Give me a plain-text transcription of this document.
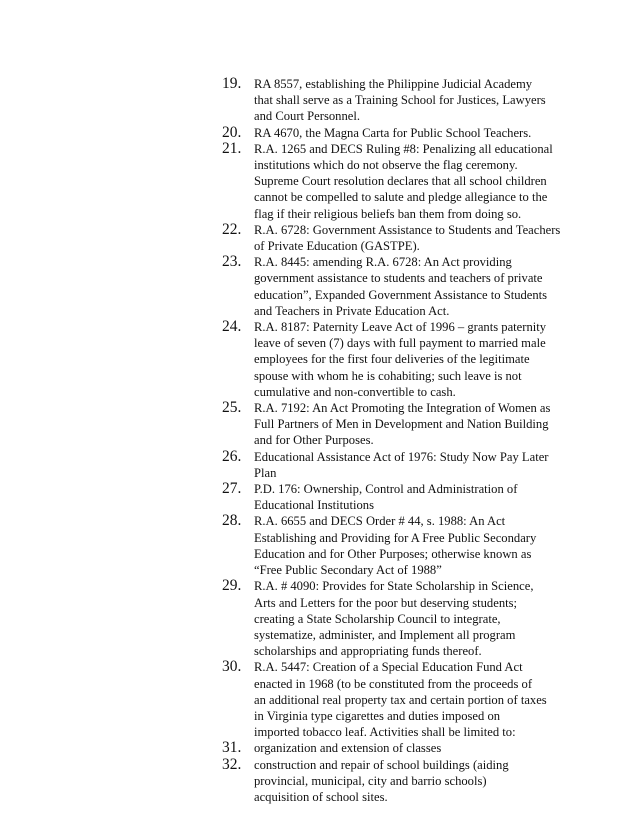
19.	RA 8557, establishing the Philippine Judicial Academy
that shall serve as a Training School for Justices, Lawyers
and Court Personnel.
20.	RA 4670, the Magna Carta for Public School Teachers.
21.	R.A. 1265 and DECS Ruling #8: Penalizing all educational
institutions which do not observe the flag ceremony.
Supreme Court resolution declares that all school children
cannot be compelled to salute and pledge allegiance to the
flag if their religious beliefs ban them from doing so.
22.	R.A. 6728: Government Assistance to Students and Teachers
of Private Education (GASTPE).
23.	R.A. 8445: amending R.A. 6728: An Act providing
government assistance to students and teachers of private
education”, Expanded Government Assistance to Students
and Teachers in Private Education Act.
24.	R.A. 8187: Paternity Leave Act of 1996 – grants paternity
leave of seven (7) days with full payment to married male
employees for the first four deliveries of the legitimate
spouse with whom he is cohabiting; such leave is not
cumulative and non-convertible to cash.
25.	R.A. 7192: An Act Promoting the Integration of Women as
Full Partners of Men in Development and Nation Building
and for Other Purposes.
26.	Educational Assistance Act of 1976: Study Now Pay Later
Plan
27.	P.D. 176: Ownership, Control and Administration of
Educational Institutions
28.	R.A. 6655 and DECS Order # 44, s. 1988: An Act
Establishing and Providing for A Free Public Secondary
Education and for Other Purposes; otherwise known as
“Free Public Secondary Act of 1988”
29.	R.A. # 4090: Provides for State Scholarship in Science,
Arts and Letters for the poor but deserving students;
creating a State Scholarship Council to integrate,
systematize, administer, and Implement all program
scholarships and appropriating funds thereof.
30.	R.A. 5447: Creation of a Special Education Fund Act
enacted in 1968 (to be constituted from the proceeds of
an additional real property tax and certain portion of taxes
in Virginia type cigarettes and duties imposed on
imported tobacco leaf. Activities shall be limited to:
31.	organization and extension of classes
32.	construction and repair of school buildings (aiding
provincial, municipal, city and barrio schools)
acquisition of school sites.
